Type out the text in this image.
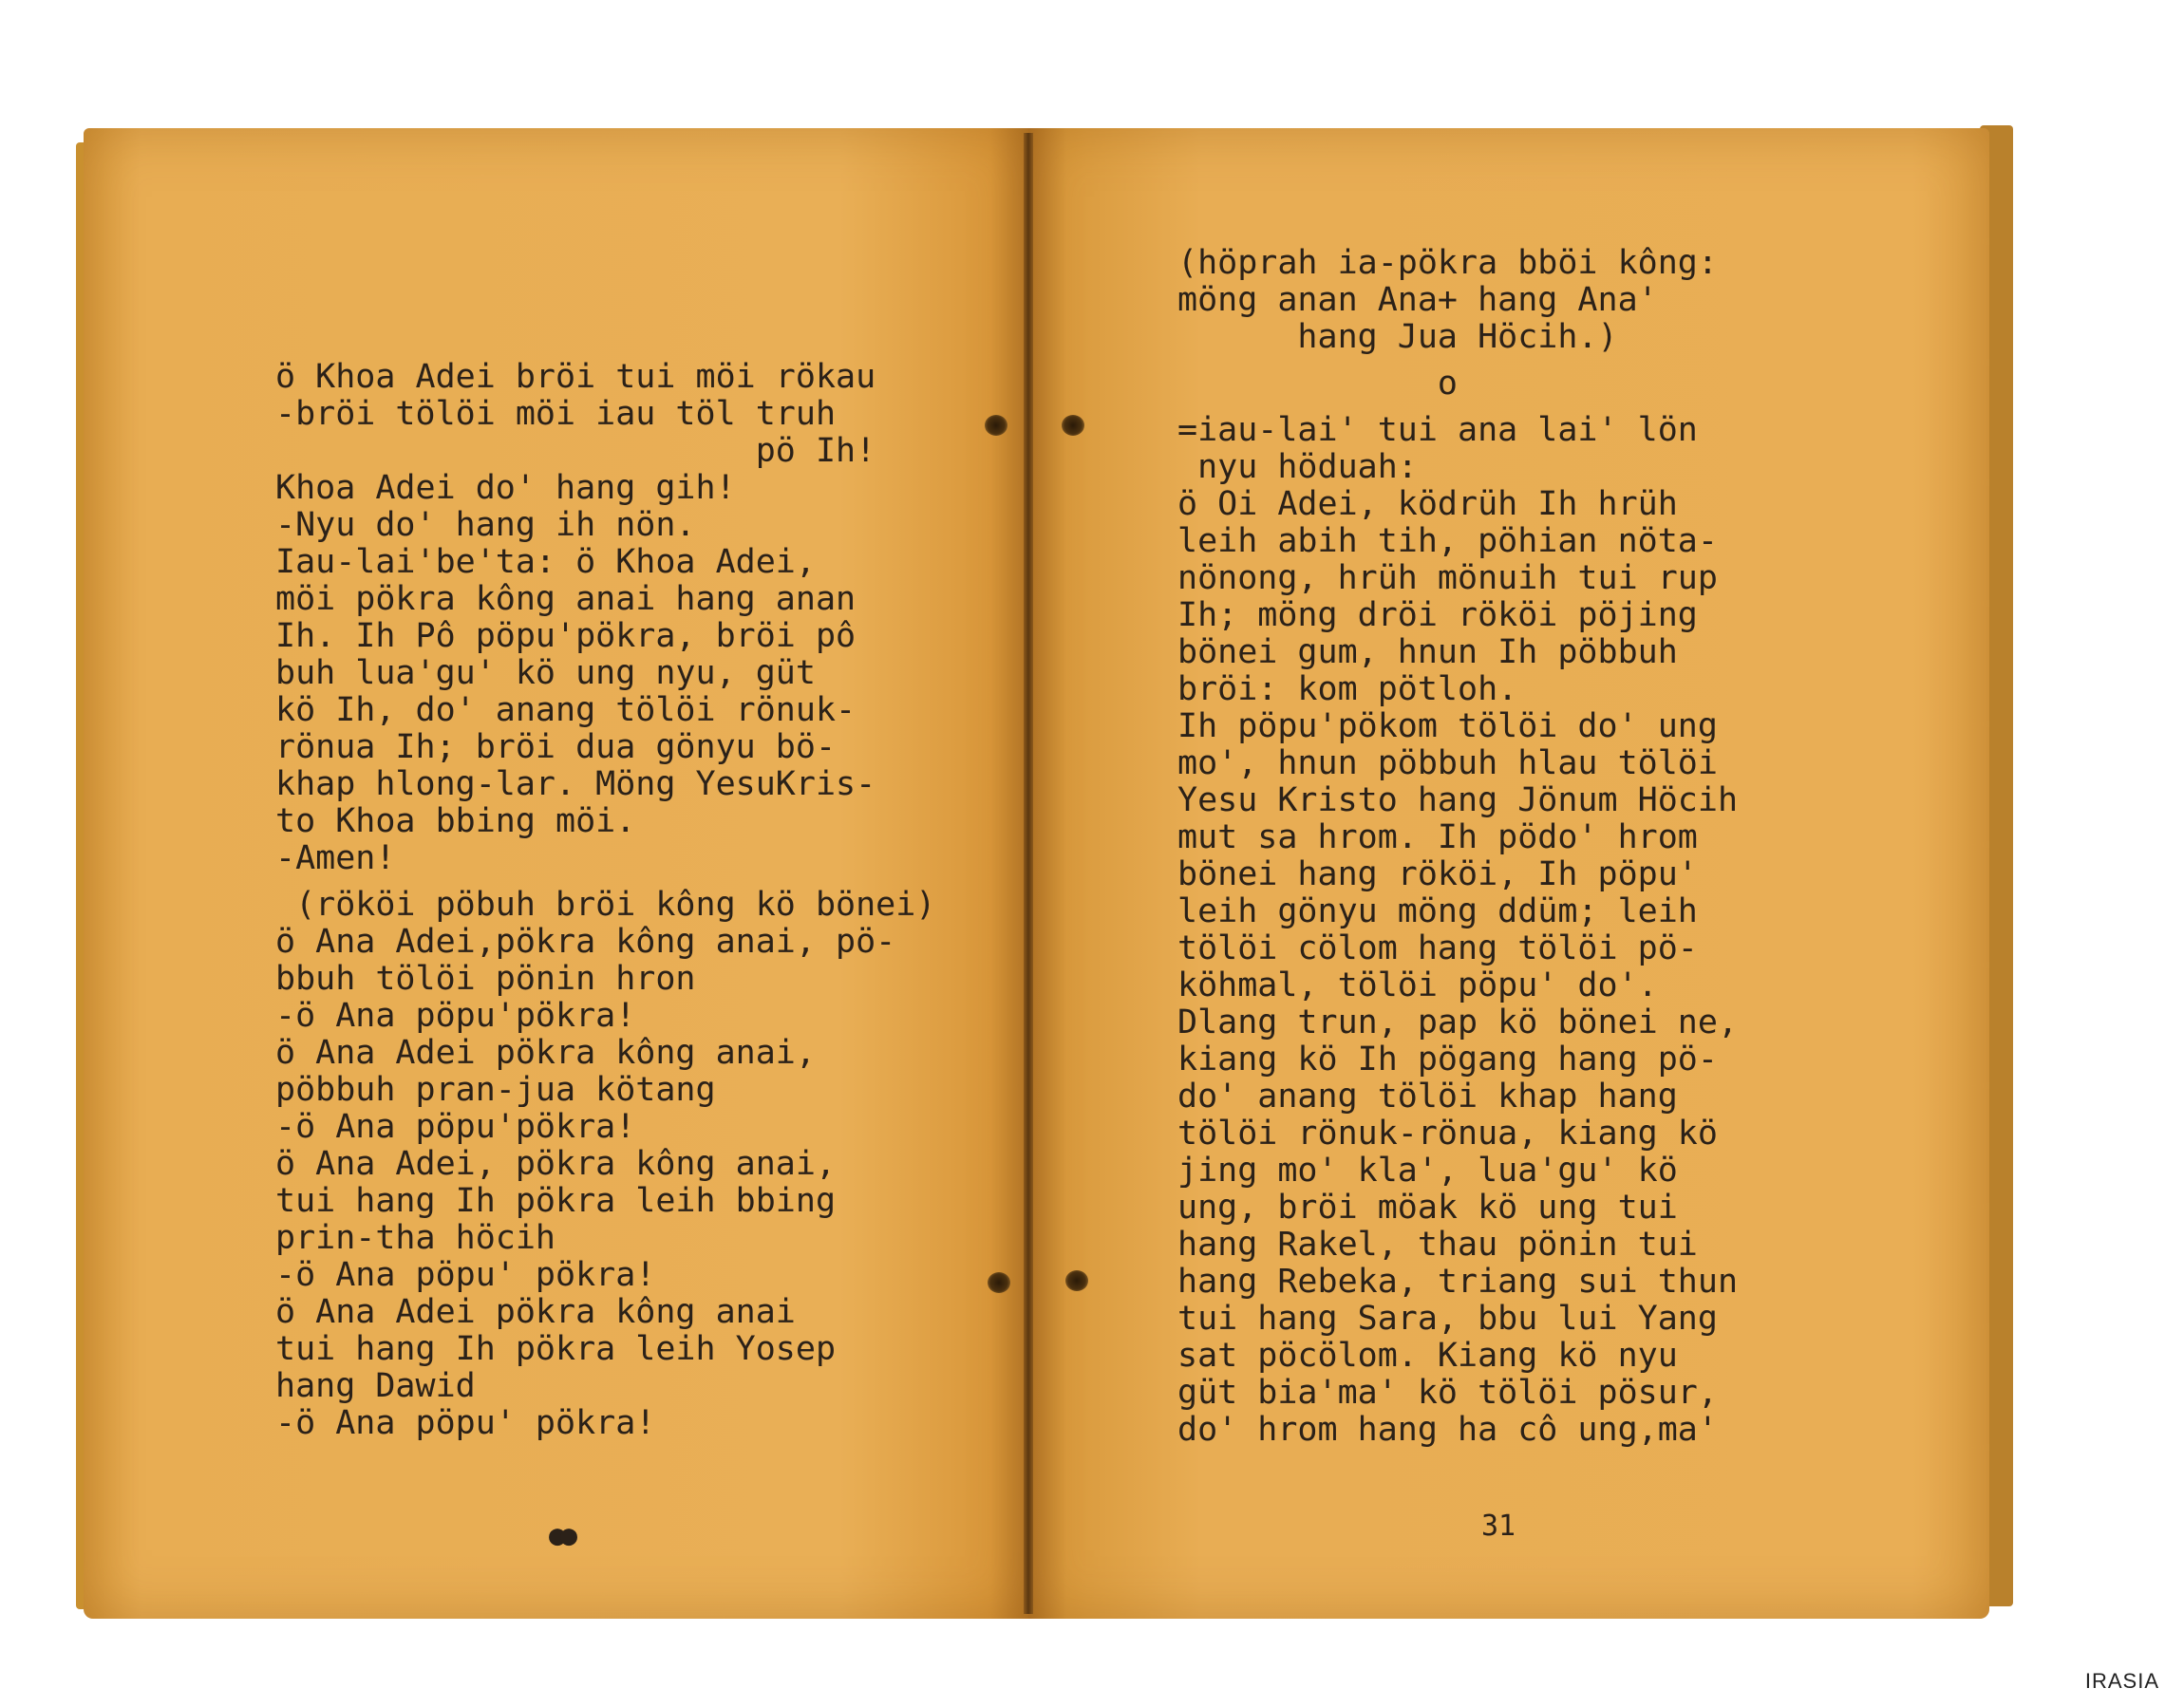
ö Khoa Adei bröi tui möi rökau
-bröi tölöi möi iau töl truh
pö Ih!
Khoa Adei do' hang gih!
-Nyu do' hang ih nön.
Iau-lai'be'ta: ö Khoa Adei,
möi pökra kông anai hang anan
Ih. Ih Pô pöpu'pökra, bröi pô
buh lua'gu' kö ung nyu, güt
kö Ih, do' anang tölöi rönuk-
rönua Ih; bröi dua gönyu bö-
khap hlong-lar. Möng YesuKris-
to Khoa bbing möi.
-Amen!
(rököi pöbuh bröi kông kö bönei)
ö Ana Adei,pökra kông anai, pö-
bbuh tölöi pönin hron
-ö Ana pöpu'pökra!
ö Ana Adei pökra kông anai,
pöbbuh pran-jua kötang
-ö Ana pöpu'pökra!
ö Ana Adei, pökra kông anai,
tui hang Ih pökra leih bbing
prin-tha höcih
-ö Ana pöpu' pökra!
ö Ana Adei pökra kông anai
tui hang Ih pökra leih Yosep
hang Dawid
-ö Ana pöpu' pökra!
●●
(höprah ia-pökra bböi kông:
möng anan Ana+ hang Ana'
hang Jua Höcih.)
o
=iau-lai' tui ana lai' lön
nyu höduah:
ö Oi Adei, ködrüh Ih hrüh
leih abih tih, pöhian nöta-
nönong, hrüh mönuih tui rup
Ih; möng dröi rököi pöjing
bönei gum, hnun Ih pöbbuh
bröi: kom pötloh.
Ih pöpu'pökom tölöi do' ung
mo', hnun pöbbuh hlau tölöi
Yesu Kristo hang Jönum Höcih
mut sa hrom. Ih pödo' hrom
bönei hang rököi, Ih pöpu'
leih gönyu möng ddüm; leih
tölöi cölom hang tölöi pö-
köhmal, tölöi pöpu' do'.
Dlang trun, pap kö bönei ne,
kiang kö Ih pögang hang pö-
do' anang tölöi khap hang
tölöi rönuk-rönua, kiang kö
jing mo' kla', lua'gu' kö
ung, bröi möak kö ung tui
hang Rakel, thau pönin tui
hang Rebeka, triang sui thun
tui hang Sara, bbu lui Yang
sat pöcölom. Kiang kö nyu
güt bia'ma' kö tölöi pösur,
do' hrom hang ha cô ung,ma'
31
IRASIA
